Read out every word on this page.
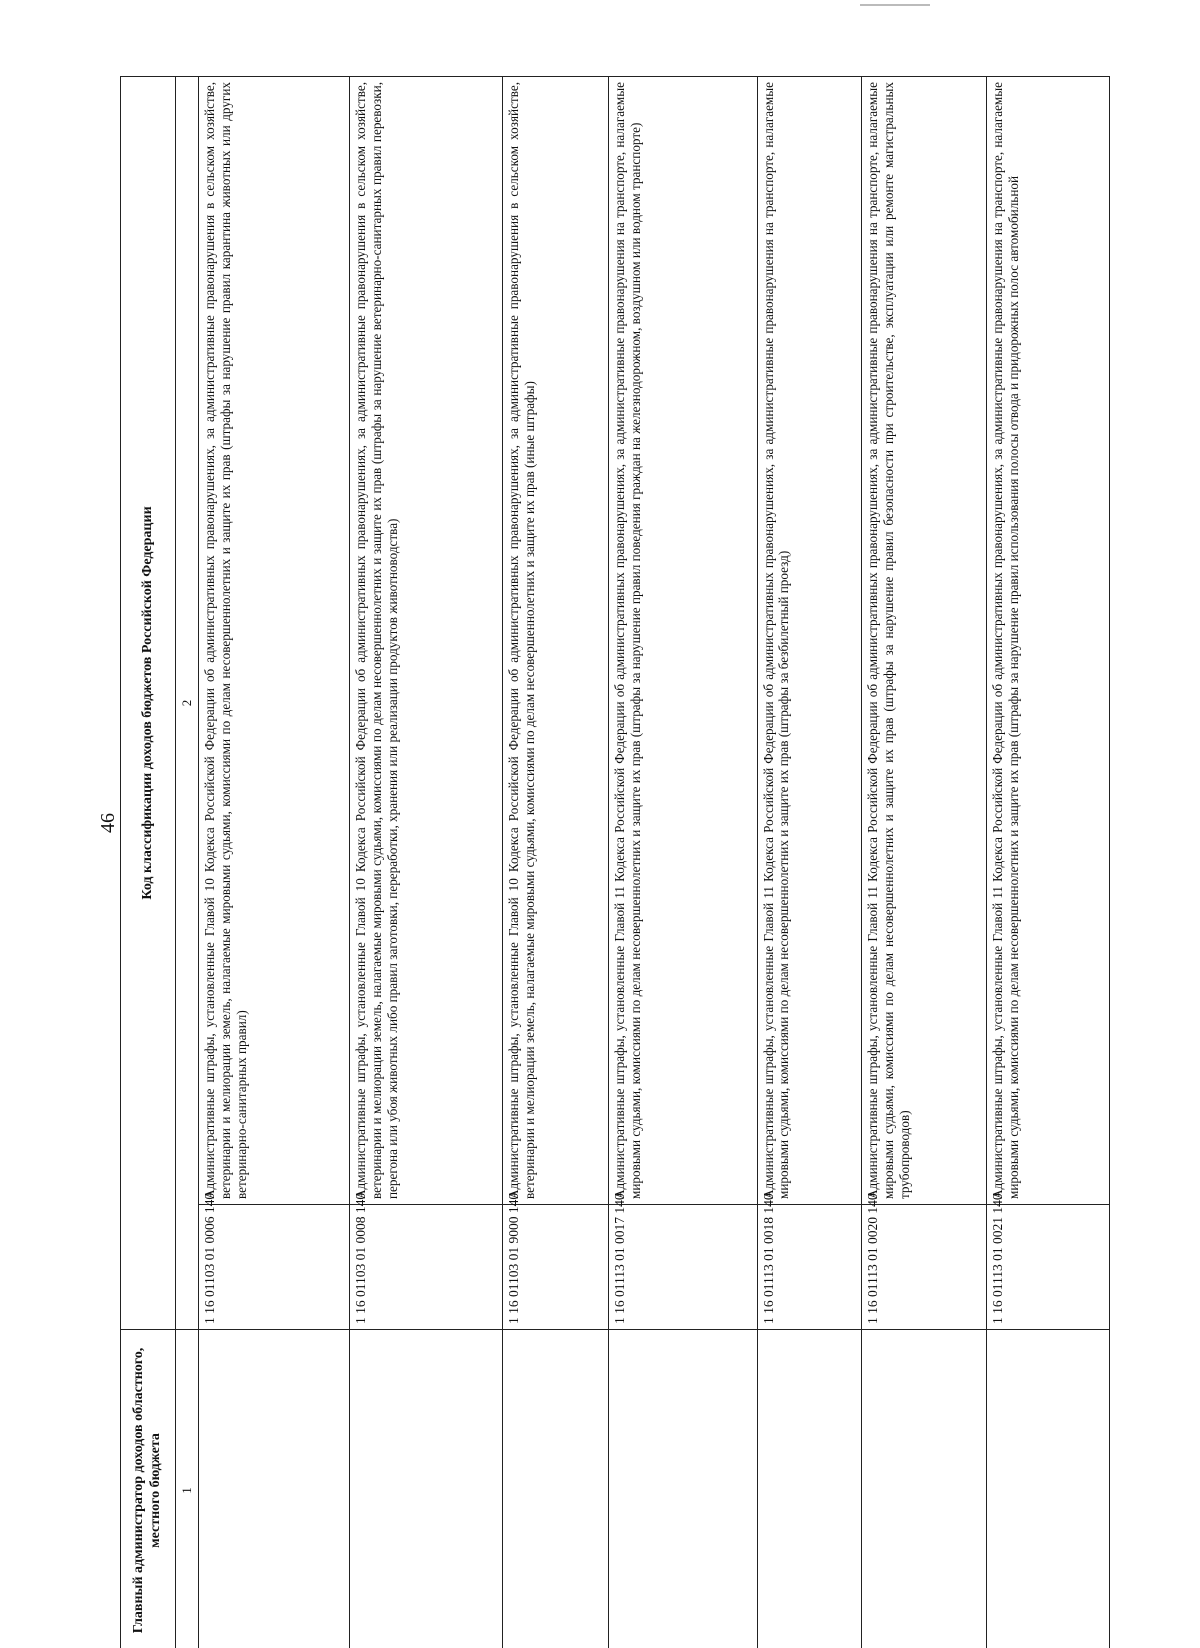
46
Главный администратор доходов областного, местного бюджета	Код классификации доходов бюджетов Российской Федерации	
1	2	
	1 16 01103 01 0006 140	Административные штрафы, установленные Главой 10 Кодекса Российской Федерации об административных правонарушениях, за административные правонарушения в сельском хозяйстве, ветеринарии и мелиорации земель, налагаемые мировыми судьями, комиссиями по делам несовершеннолетних и защите их прав (штрафы за нарушение правил карантина животных или других ветеринарно-санитарных правил)
	1 16 01103 01 0008 140	Административные штрафы, установленные Главой 10 Кодекса Российской Федерации об административных правонарушениях, за административные правонарушения в сельском хозяйстве, ветеринарии и мелиорации земель, налагаемые мировыми судьями, комиссиями по делам несовершеннолетних и защите их прав (штрафы за нарушение ветеринарно-санитарных правил перевозки, перегона или убоя животных либо правил заготовки, переработки, хранения или реализации продуктов животноводства)
	1 16 01103 01 9000 140	Административные штрафы, установленные Главой 10 Кодекса Российской Федерации об административных правонарушениях, за административные правонарушения в сельском хозяйстве, ветеринарии и мелиорации земель, налагаемые мировыми судьями, комиссиями по делам несовершеннолетних и защите их прав (иные штрафы)
	1 16 01113 01 0017 140	Административные штрафы, установленные Главой 11 Кодекса Российской Федерации об административных правонарушениях, за административные правонарушения на транспорте, налагаемые мировыми судьями, комиссиями по делам несовершеннолетних и защите их прав (штрафы за нарушение правил поведения граждан на железнодорожном, воздушном или водном транспорте)
	1 16 01113 01 0018 140	Административные штрафы, установленные Главой 11 Кодекса Российской Федерации об административных правонарушениях, за административные правонарушения на транспорте, налагаемые мировыми судьями, комиссиями по делам несовершеннолетних и защите их прав (штрафы за безбилетный проезд)
	1 16 01113 01 0020 140	Административные штрафы, установленные Главой 11 Кодекса Российской Федерации об административных правонарушениях, за административные правонарушения на транспорте, налагаемые мировыми судьями, комиссиями по делам несовершеннолетних и защите их прав (штрафы за нарушение правил безопасности при строительстве, эксплуатации или ремонте магистральных трубопроводов)
	1 16 01113 01 0021 140	Административные штрафы, установленные Главой 11 Кодекса Российской Федерации об административных правонарушениях, за административные правонарушения на транспорте, налагаемые мировыми судьями, комиссиями по делам несовершеннолетних и защите их прав (штрафы за нарушение правил использования полосы отвода и придорожных полос автомобильной
